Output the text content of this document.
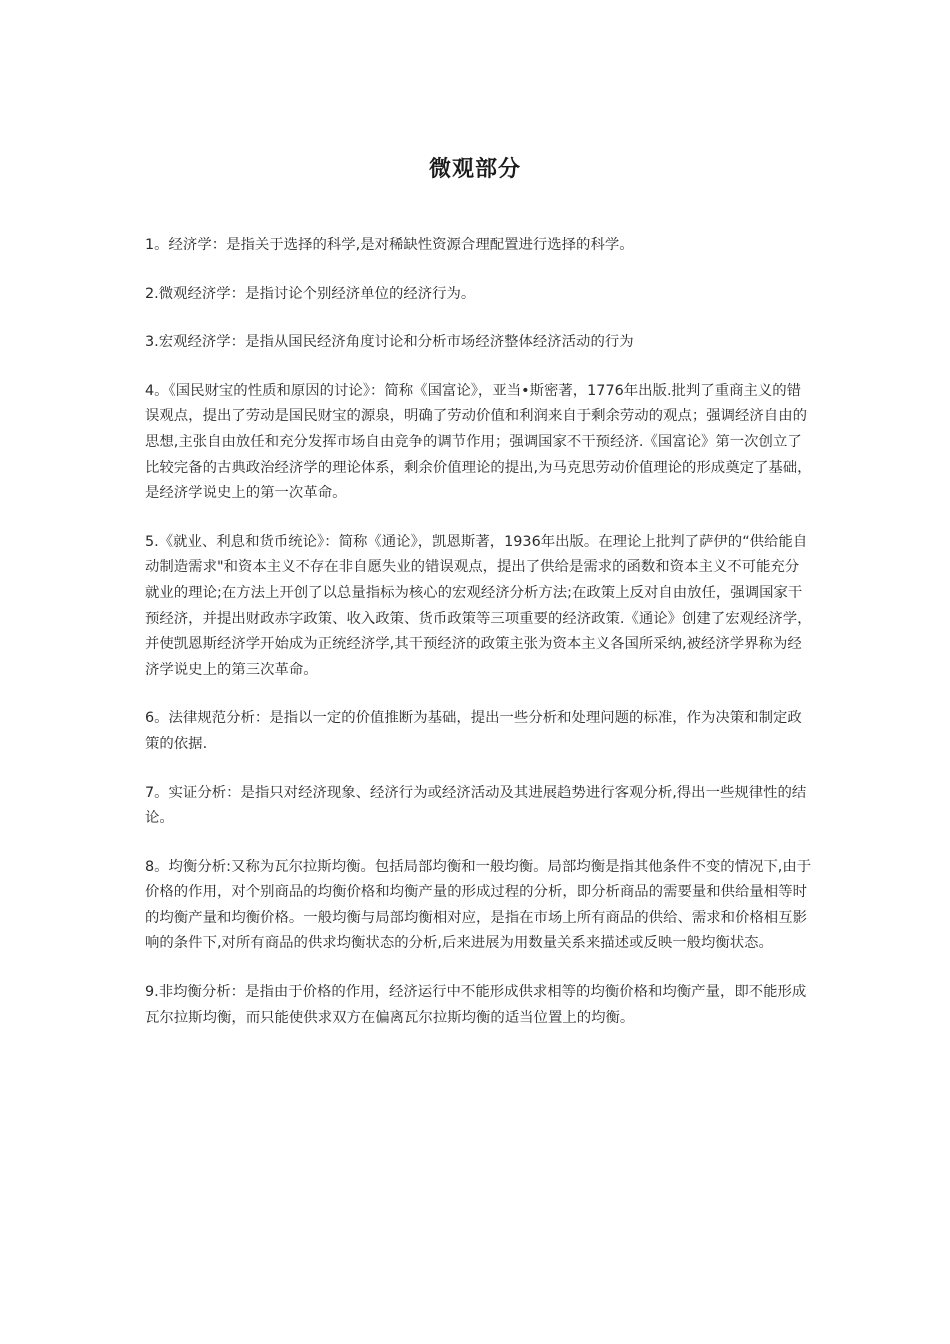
微观部分

1。经济学：是指关于选择的科学,是对稀缺性资源合理配置进行选择的科学。

2.微观经济学：是指讨论个别经济单位的经济行为。

3.宏观经济学：是指从国民经济角度讨论和分析市场经济整体经济活动的行为

4。《国民财宝的性质和原因的讨论》：简称《国富论》，亚当•斯密著，1776年出版.批判了重商主义的错误观点，提出了劳动是国民财宝的源泉，明确了劳动价值和利润来自于剩余劳动的观点；强调经济自由的思想,主张自由放任和充分发挥市场自由竞争的调节作用；强调国家不干预经济.《国富论》第一次创立了比较完备的古典政治经济学的理论体系，剩余价值理论的提出,为马克思劳动价值理论的形成奠定了基础，是经济学说史上的第一次革命。

5.《就业、利息和货币统论》：简称《通论》，凯恩斯著，1936年出版。在理论上批判了萨伊的“供给能自动制造需求"和资本主义不存在非自愿失业的错误观点，提出了供给是需求的函数和资本主义不可能充分就业的理论;在方法上开创了以总量指标为核心的宏观经济分析方法;在政策上反对自由放任，强调国家干预经济，并提出财政赤字政策、收入政策、货币政策等三项重要的经济政策.《通论》创建了宏观经济学，并使凯恩斯经济学开始成为正统经济学,其干预经济的政策主张为资本主义各国所采纳,被经济学界称为经济学说史上的第三次革命。

6。法律规范分析：是指以一定的价值推断为基础，提出一些分析和处理问题的标准，作为决策和制定政策的依据.

7。实证分析：是指只对经济现象、经济行为或经济活动及其进展趋势进行客观分析,得出一些规律性的结论。

8。均衡分析:又称为瓦尔拉斯均衡。包括局部均衡和一般均衡。局部均衡是指其他条件不变的情况下,由于价格的作用，对个别商品的均衡价格和均衡产量的形成过程的分析，即分析商品的需要量和供给量相等时的均衡产量和均衡价格。一般均衡与局部均衡相对应，是指在市场上所有商品的供给、需求和价格相互影响的条件下,对所有商品的供求均衡状态的分析,后来进展为用数量关系来描述或反映一般均衡状态。

9.非均衡分析：是指由于价格的作用，经济运行中不能形成供求相等的均衡价格和均衡产量，即不能形成瓦尔拉斯均衡，而只能使供求双方在偏离瓦尔拉斯均衡的适当位置上的均衡。
